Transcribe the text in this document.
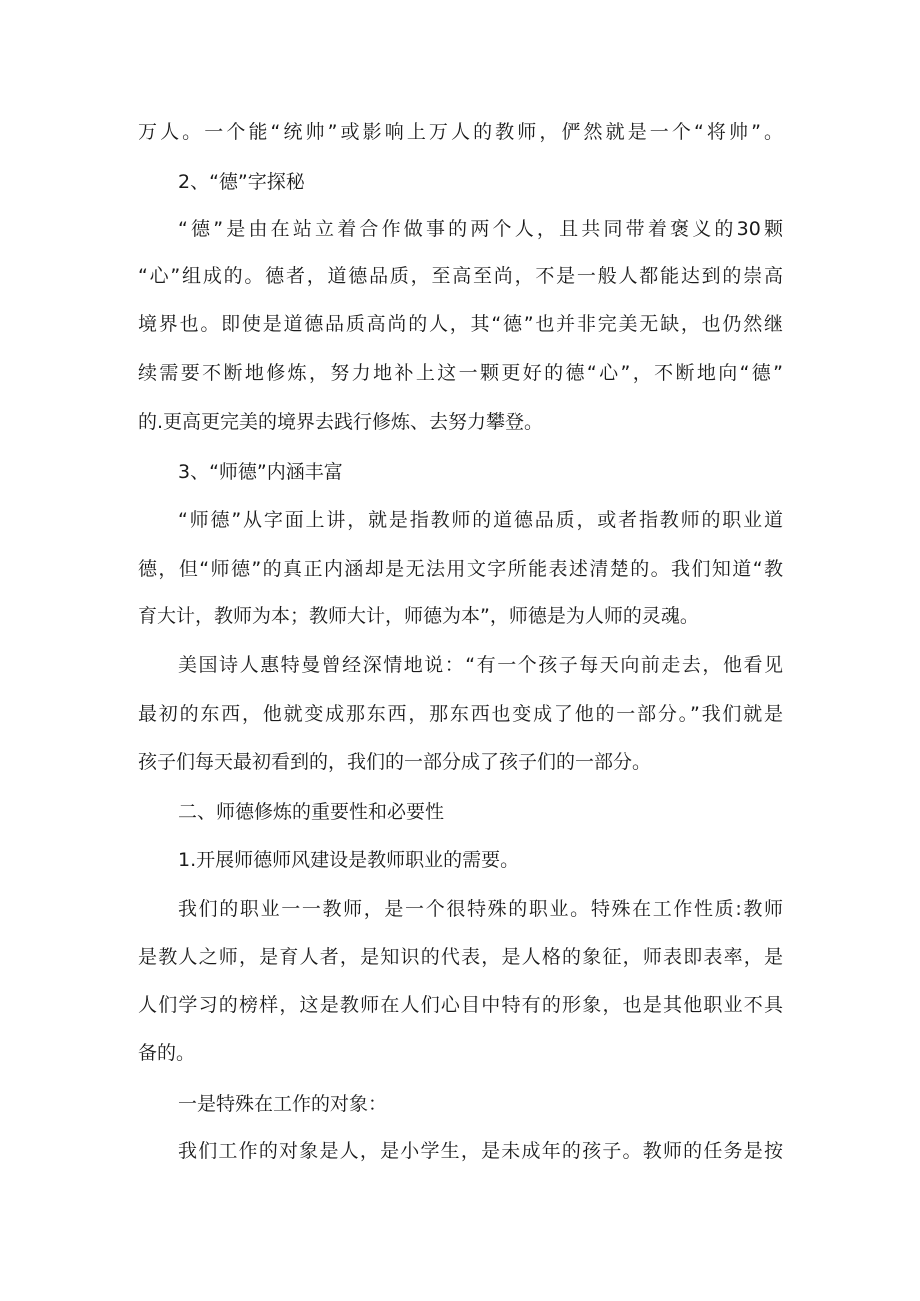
万人。一个能“统帅”或影响上万人的教师，俨然就是一个“将帅”。
2、“德”字探秘
“德”是由在站立着合作做事的两个人，且共同带着褒义的30颗
“心”组成的。德者，道德品质，至高至尚，不是一般人都能达到的崇高
境界也。即使是道德品质高尚的人，其“德”也并非完美无缺，也仍然继
续需要不断地修炼，努力地补上这一颗更好的德“心”，不断地向“德”
的.更高更完美的境界去践行修炼、去努力攀登。
3、“师德”内涵丰富
“师德”从字面上讲，就是指教师的道德品质，或者指教师的职业道
德，但“师德”的真正内涵却是无法用文字所能表述清楚的。我们知道“教
育大计，教师为本；教师大计，师德为本”，师德是为人师的灵魂。
美国诗人惠特曼曾经深情地说：“有一个孩子每天向前走去，他看见
最初的东西，他就变成那东西，那东西也变成了他的一部分。”我们就是
孩子们每天最初看到的，我们的一部分成了孩子们的一部分。
二、师德修炼的重要性和必要性
1.开展师德师风建设是教师职业的需要。
我们的职业一一教师，是一个很特殊的职业。特殊在工作性质:教师
是教人之师，是育人者，是知识的代表，是人格的象征，师表即表率，是
人们学习的榜样，这是教师在人们心目中特有的形象，也是其他职业不具
备的。
一是特殊在工作的对象：
我们工作的对象是人，是小学生，是未成年的孩子。教师的任务是按
